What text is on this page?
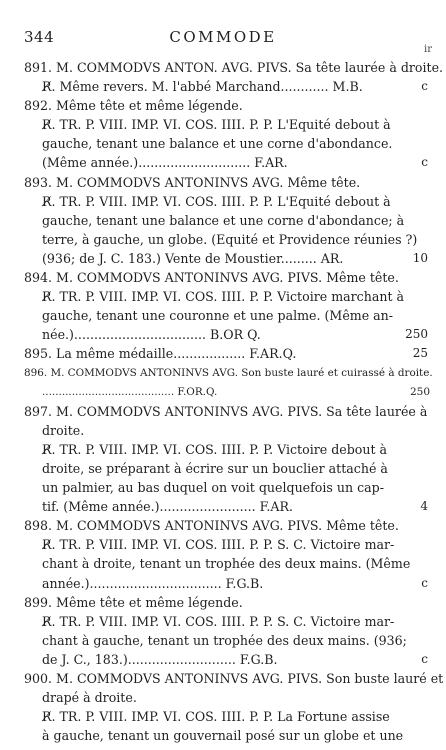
344	COMMODE
ir
891. M. COMMODVS ANTON. AVG. PIVS. Sa tête laurée à droite.
R̸. Même revers. M. l'abbé Marchand............ M.B.	c
892. Même tête et même légende.
R̸. TR. P. VIII. IMP. VI. COS. IIII. P. P. L'Equité debout à
gauche, tenant une balance et une corne d'abondance.
(Même année.)............................ F.AR.	c
893. M. COMMODVS ANTONINVS AVG. Même tête.
R̸. TR. P. VIII. IMP. VI. COS. IIII. P. P. L'Equité debout à
gauche, tenant une balance et une corne d'abondance; à
terre, à gauche, un globe. (Equité et Providence réunies ?)
(936; de J. C. 183.) Vente de Moustier......... AR.	10
894. M. COMMODVS ANTONINVS AVG. PIVS. Même tête.
R̸. TR. P. VIII. IMP. VI. COS. IIII. P. P. Victoire marchant à
gauche, tenant une couronne et une palme. (Même an-
née.)................................. B.OR Q.	250
895. La même médaille.................. F.AR.Q.	25
896. M. COMMODVS ANTONINVS AVG. Son buste lauré et cuirassé à droite.
........................................ F.OR.Q.	250
897. M. COMMODVS ANTONINVS AVG. PIVS. Sa tête laurée à
droite.
R̸. TR. P. VIII. IMP. VI. COS. IIII. P. P. Victoire debout à
droite, se préparant à écrire sur un bouclier attaché à
un palmier, au bas duquel on voit quelquefois un cap-
tif. (Même année.)........................ F.AR.	4
898. M. COMMODVS ANTONINVS AVG. PIVS. Même tête.
R̸. TR. P. VIII. IMP. VI. COS. IIII. P. P. S. C. Victoire mar-
chant à droite, tenant un trophée des deux mains. (Même
année.)................................. F.G.B.	c
899. Même tête et même légende.
R̸. TR. P. VIII. IMP. VI. COS. IIII. P. P. S. C. Victoire mar-
chant à gauche, tenant un trophée des deux mains. (936;
de J. C., 183.)........................... F.G.B.	c
900. M. COMMODVS ANTONINVS AVG. PIVS. Son buste lauré et
drapé à droite.
R̸. TR. P. VIII. IMP. VI. COS. IIII. P. P. La Fortune assise
à gauche, tenant un gouvernail posé sur un globe et une
